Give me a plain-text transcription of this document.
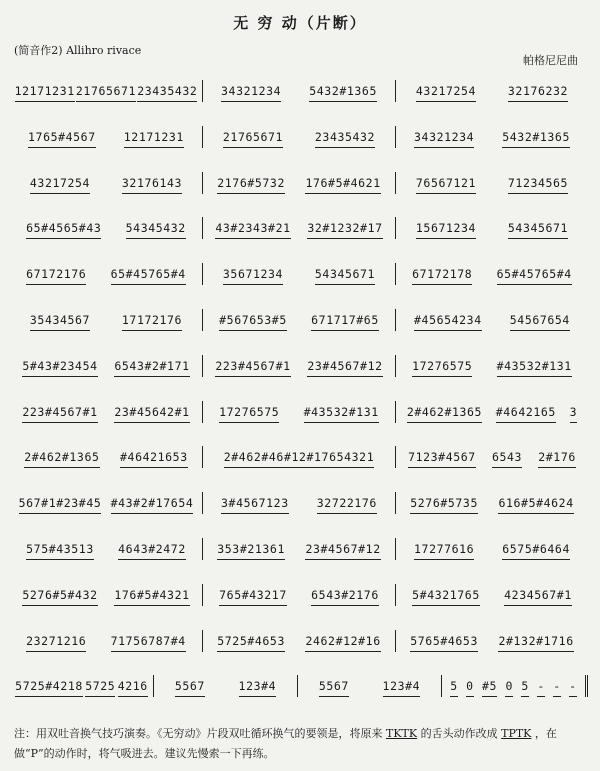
无 穷 动（片断）
(简音作2) Allihro rivace
帕格尼尼曲
12171231 21765671 23435432 34321234 5432#1365	43217254	32176232
1765#4567 12171231	21765671	23435432	34321234 5432#1365
43217254	32176143	2176#5732 176#5#4621	76567121	71234565
65#4565#43 54345432	43#2343#21 32#1232#17	15671234	54345671
67172176 65#45765#4	35671234	54345671	67172178 65#45765#4
35434567	17172176	#567653#5 671717#65	#45654234 54567654
5#43#23454 6543#2#171 223#4567#1 23#4567#12	17276575 #43532#131
223#4567#1 23#45642#1	17276575 #43532#131 2#462#1365 #4642165 3
2#462#1365 #46421653	2#462#46#12#17654321	7123#4567 6543 2#176
567#1#23#45 #43#2#17654 3#4567123 32722176	5276#5735 616#5#4624
575#43513 4643#2472	353#21361 23#4567#12	17277616 6575#6464
5276#5#432 176#5#4321	765#43217 6543#2176	5#4321765 4234567#1
23271216 71756787#4	5725#4653 2462#12#16	5765#4653 2#132#1716
5725#4218 5725 4216 5567	123#4	5567	123#4	5 0 #5 0 5 - - -
注：用双吐音换气技巧演奏。《无穷动》片段双吐循环换气的要领是，将原来 TKTK 的舌头动作改成 TPTK ，在做“P”的动作时，将气吸进去。建议先慢索一下再练。
